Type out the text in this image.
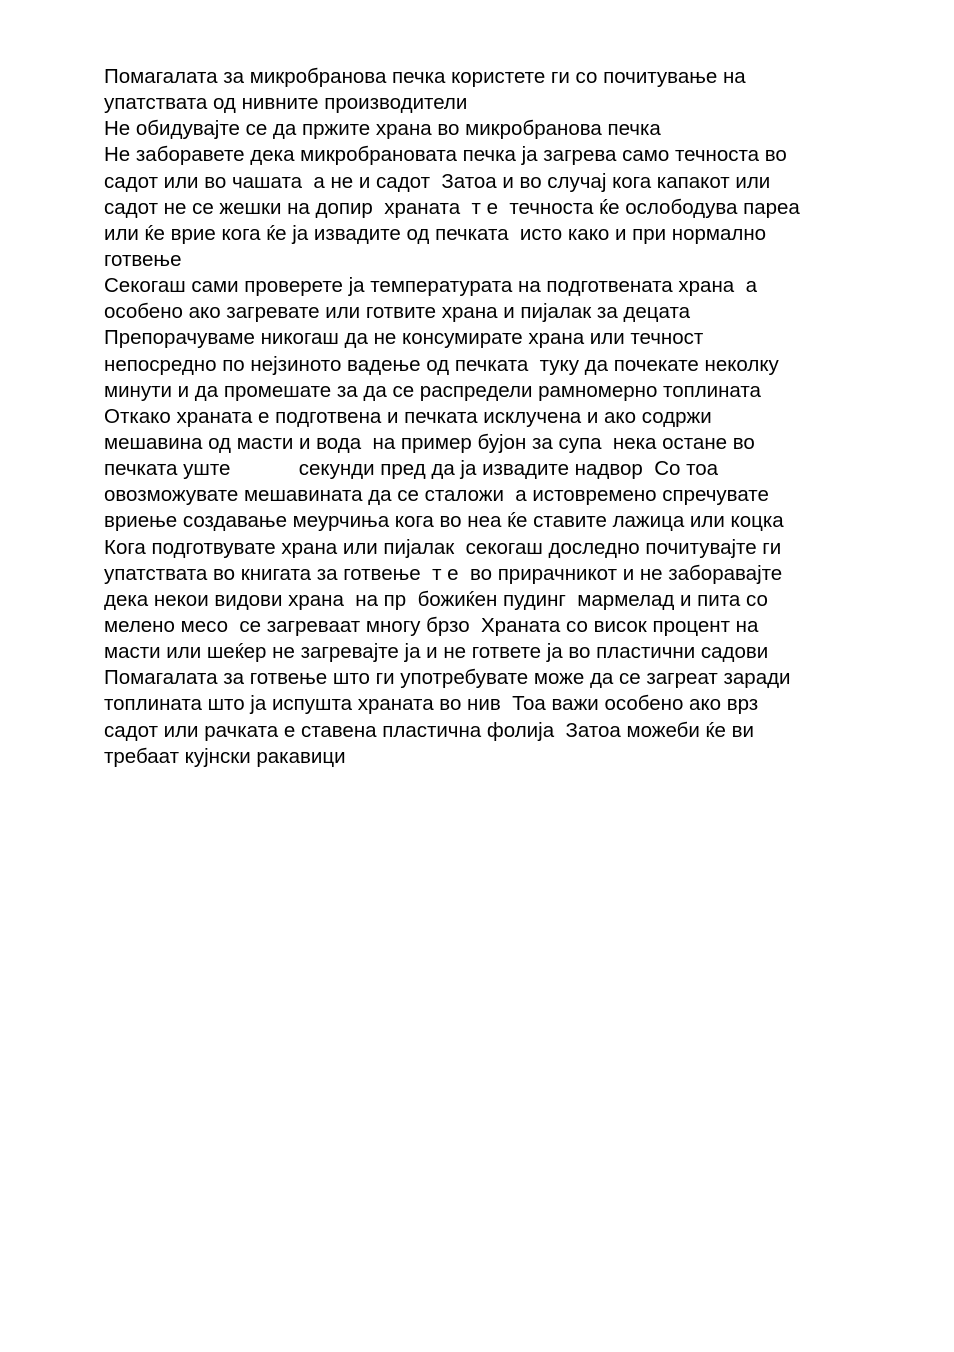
Помагалата за микробранова печка користете ги со почитување на
упатствата од нивните производители
Не обидувајте се да пржите храна во микробранова печка
Не заборавете дека микробрановата печка ја загрева само течноста во
садот или во чашата  а не и садот  Затоа и во случај кога капакот или
садот не се жешки на допир  храната  т е  течноста ќе ослободува пареа
или ќе врие кога ќе ја извадите од печката  исто како и при нормално
готвење
Секогаш сами проверете ја температурата на подготвената храна  а
особено ако загревате или готвите храна и пијалак за децата
Препорачуваме никогаш да не консумирате храна или течност
непосредно по нејзиното вадење од печката  туку да почекате неколку
минути и да промешате за да се распредели рамномерно топлината
Откако храната е подготвена и печката исклучена и ако содржи
мешавина од масти и вода  на пример бујон за супа  нека остане во
печката уште            секунди пред да ја извадите надвор  Со тоа
овозможувате мешавината да се сталожи  а истовремено спречувате
вриење создавање меурчиња кога во неа ќе ставите лажица или коцка
Кога подготвувате храна или пијалак  секогаш доследно почитувајте ги
упатствата во книгата за готвење  т е  во прирачникот и не заборавајте
дека некои видови храна  на пр  божиќен пудинг  мармелад и пита со
мелено месо  се загреваат многу брзо  Храната со висок процент на
масти или шеќер не загревајте ја и не гответе ја во пластични садови
Помагалата за готвење што ги употребувате може да се загреат заради
топлината што ја испушта храната во нив  Тоа важи особено ако врз
садот или рачката е ставена пластична фолија  Затоа можеби ќе ви
требаат кујнски ракавици
